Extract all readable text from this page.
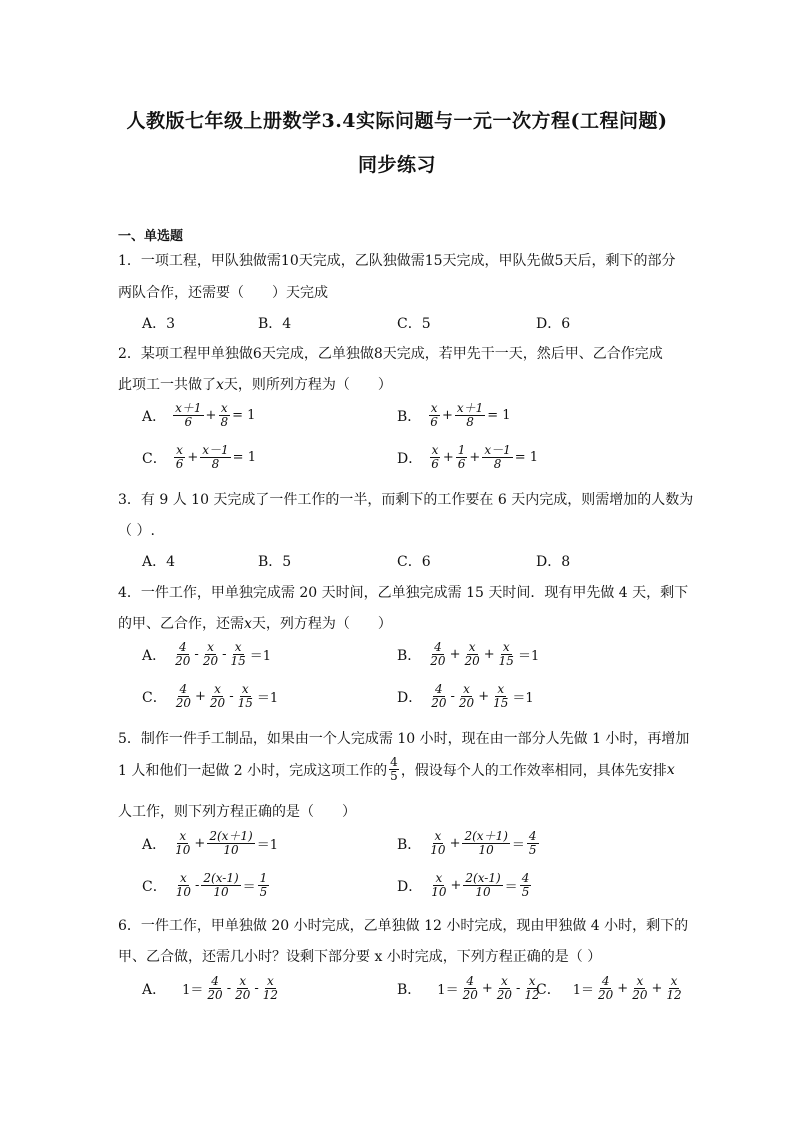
人教版七年级上册数学3.4实际问题与一元一次方程(工程问题)
同步练习
一、单选题
1．一项工程，甲队独做需10天完成，乙队独做需15天完成，甲队先做5天后，剩下的部分
两队合作，还需要（　　）天完成
A．3	B．4	C．5	D．6
2．某项工程甲单独做6天完成，乙单独做8天完成，若甲先干一天，然后甲、乙合作完成
此项工一共做了x天，则所列方程为（　　）
A． $\frac{x+1}{6} + \frac{x}{8} = 1$	B． $\frac{x}{6} + \frac{x+1}{8} = 1$
C． $\frac{x}{6} + \frac{x-1}{8} = 1$	D． $\frac{x}{6} + \frac{1}{6} + \frac{x-1}{8} = 1$
3．有 9 人 10 天完成了一件工作的一半，而剩下的工作要在 6 天内完成，则需增加的人数为
（ ）.
A．4	B．5	C．6	D．8
4．一件工作，甲单独完成需 20 天时间，乙单独完成需 15 天时间．现有甲先做 4 天，剩下
的甲、乙合作，还需x天，列方程为（　　）
A． $\frac{4}{20} - \frac{x}{20} - \frac{x}{15} =1$	B． $\frac{4}{20} + \frac{x}{20} + \frac{x}{15} =1$
C． $\frac{4}{20} + \frac{x}{20} - \frac{x}{15} =1$	D． $\frac{4}{20} - \frac{x}{20} + \frac{x}{15} =1$
5．制作一件手工制品，如果由一个人完成需 10 小时，现在由一部分人先做 1 小时，再增加
1 人和他们一起做 2 小时，完成这项工作的 $\frac{4}{5}$ ，假设每个人的工作效率相同，具体先安排 x
人工作，则下列方程正确的是（　　）
A． $\frac{x}{10} + \frac{2(x+1)}{10} =1$	B． $\frac{x}{10} + \frac{2(x+1)}{10} = \frac{4}{5}$
C． $\frac{x}{10} - \frac{2(x-1)}{10} = \frac{1}{5}$	D． $\frac{x}{10} + \frac{2(x-1)}{10} = \frac{4}{5}$
6．一件工作，甲单独做 20 小时完成，乙单独做 12 小时完成，现由甲独做 4 小时，剩下的
甲、乙合做，还需几小时？设剩下部分要 x 小时完成，下列方程正确的是（ ）
A． $1= \frac{4}{20} - \frac{x}{20} - \frac{x}{12}$	B． $1= \frac{4}{20} + \frac{x}{20} - \frac{x}{12}$
C． $1= \frac{4}{20} + \frac{x}{20} + \frac{x}{12}$
